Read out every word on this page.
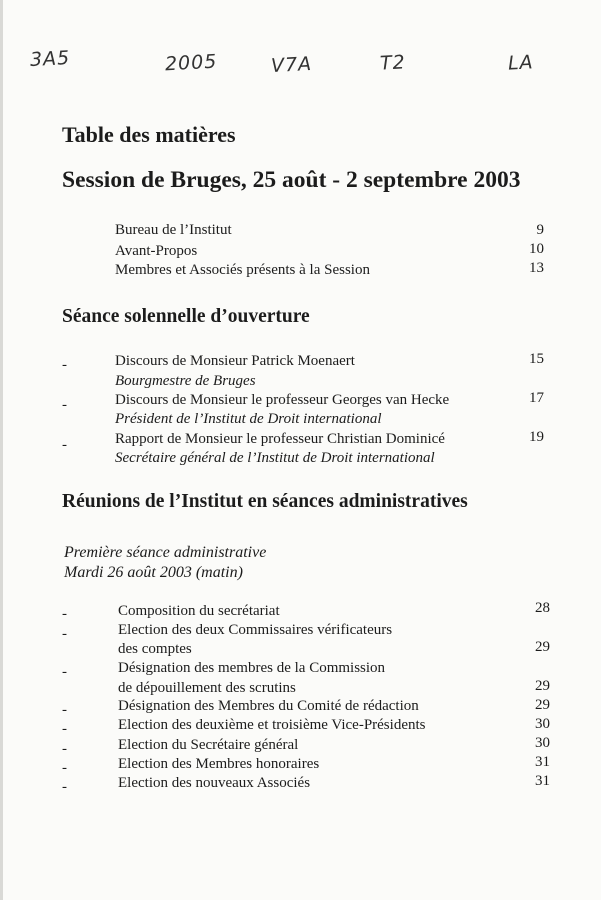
3A5	2005	V7A	T2	LA
Table des matières
Session de Bruges, 25 août - 2 septembre 2003
Bureau de l’Institut	9
Avant-Propos	10
Membres et Associés présents à la Session	13
Séance solennelle d’ouverture
-	Discours de Monsieur Patrick Moenaert	15
Bourgmestre de Bruges
-	Discours de Monsieur le professeur Georges van Hecke	17
Président de l’Institut de Droit international
-	Rapport de Monsieur le professeur Christian Dominicé	19
Secrétaire général de l’Institut de Droit international
Réunions de l’Institut en séances administratives
Première séance administrative
Mardi 26 août 2003 (matin)
-	Composition du secrétariat	28
-	Election des deux Commissaires vérificateurs
des comptes	29
-	Désignation des membres de la Commission
de dépouillement des scrutins	29
-	Désignation des Membres du Comité de rédaction	29
-	Election des deuxième et troisième Vice-Présidents	30
-	Election du Secrétaire général	30
-	Election des Membres honoraires	31
-	Election des nouveaux Associés	31
